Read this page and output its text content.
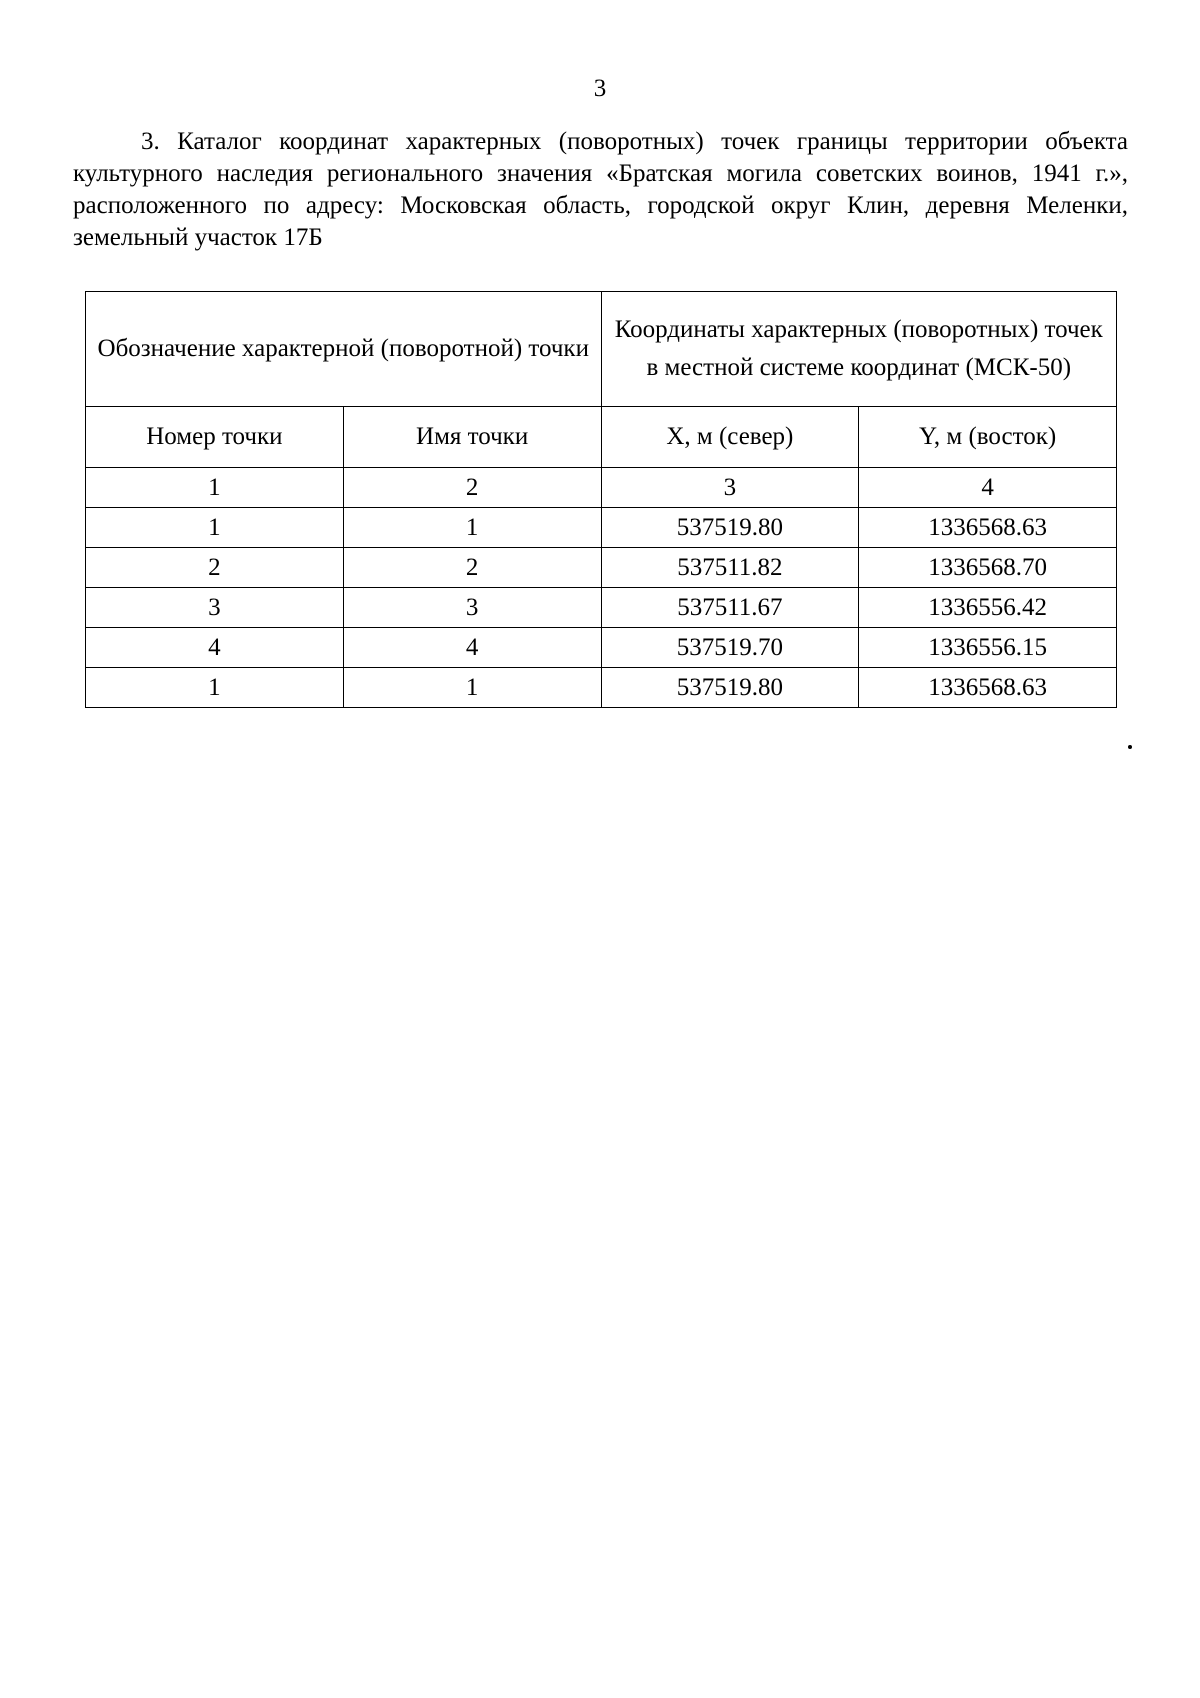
3

3. Каталог координат характерных (поворотных) точек границы территории объекта культурного наследия регионального значения «Братская могила советских воинов, 1941 г.», расположенного по адресу: Московская область, городской округ Клин, деревня Меленки, земельный участок 17Б

Обозначение характерной (поворотной) точки		Координаты характерных (поворотных) точек в местной системе координат (МСК-50)	
Номер точки	Имя точки	X, м (север)	Y, м (восток)
1	2	3	4
1	1	537519.80	1336568.63
2	2	537511.82	1336568.70
3	3	537511.67	1336556.42
4	4	537519.70	1336556.15
1	1	537519.80	1336568.63
